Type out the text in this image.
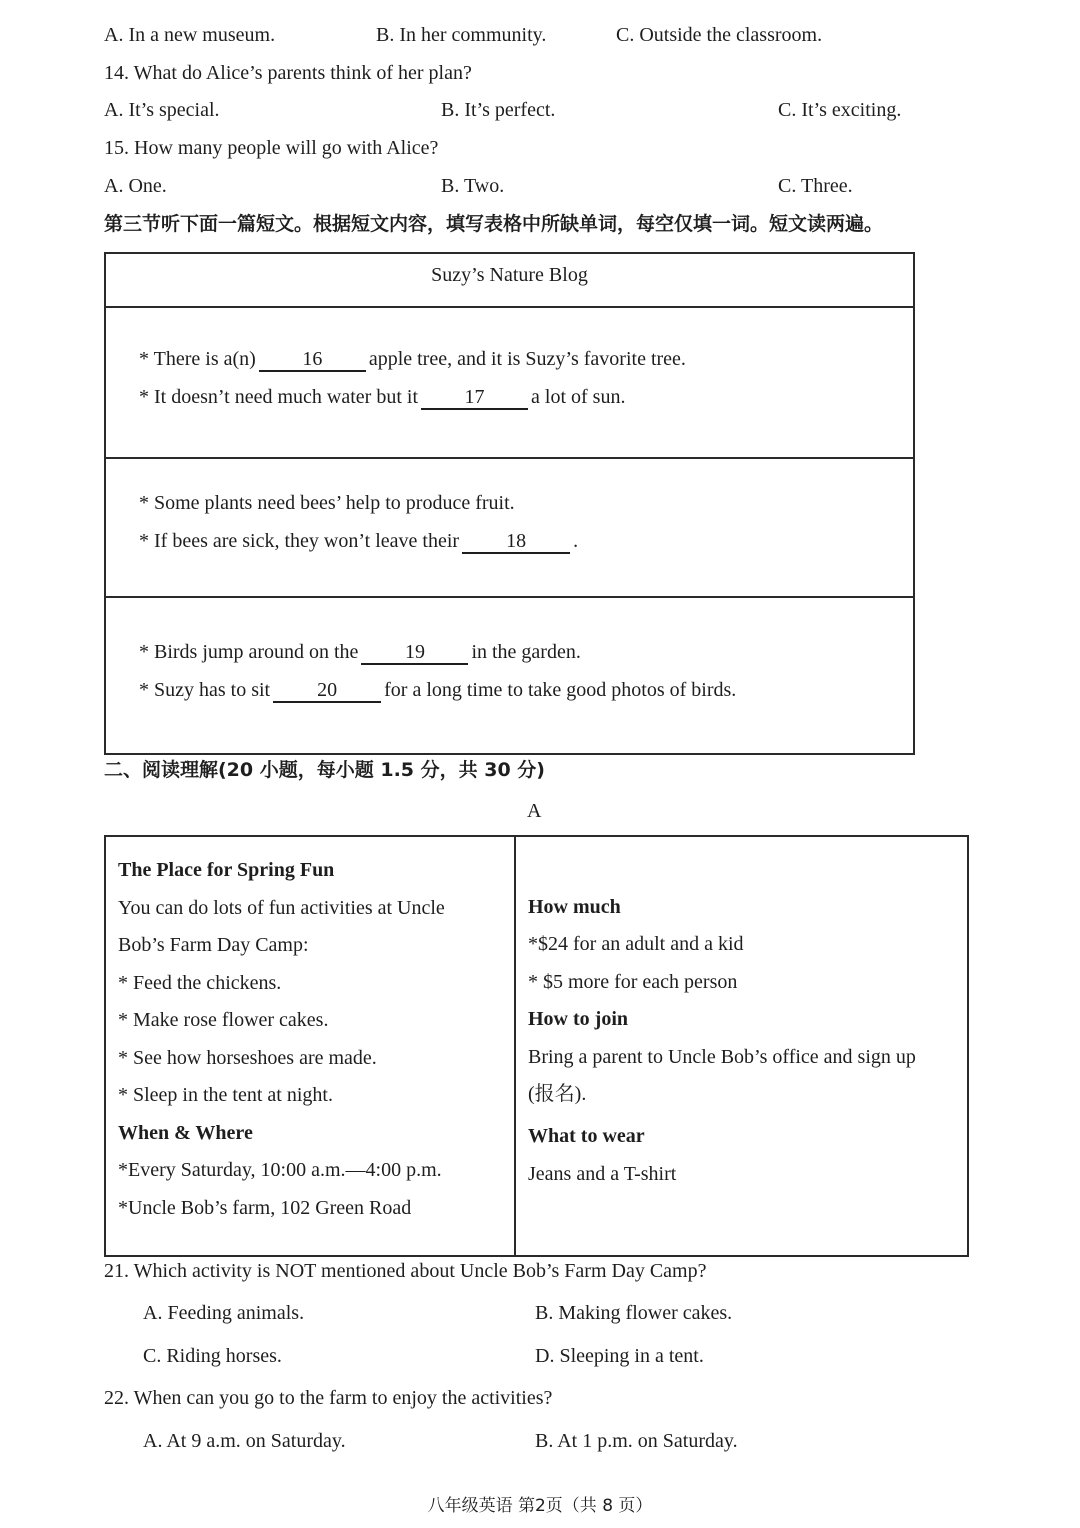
A. In a new museum.	B. In her community.	C. Outside the classroom.
14. What do Alice’s parents think of her plan?
A. It’s special.	B. It’s perfect.	C. It’s exciting.
15. How many people will go with Alice?
A. One.	B. Two.	C. Three.
第三节听下面一篇短文。根据短文内容，填写表格中所缺单词，每空仅填一词。短文读两遍。
Suzy’s Nature Blog
* There is a(n) 16 apple tree, and it is Suzy’s favorite tree.
* It doesn’t need much water but it 17 a lot of sun.
* Some plants need bees’ help to produce fruit.
* If bees are sick, they won’t leave their 18 .
* Birds jump around on the 19 in the garden.
* Suzy has to sit 20 for a long time to take good photos of birds.
二、阅读理解(20 小题，每小题 1.5 分，共 30 分)
A
The Place for Spring Fun
You can do lots of fun activities at Uncle
Bob’s Farm Day Camp:
* Feed the chickens.
* Make rose flower cakes.
* See how horseshoes are made.
* Sleep in the tent at night.
When & Where
*Every Saturday, 10:00 a.m.—4:00 p.m.
*Uncle Bob’s farm, 102 Green Road
How much
*$24 for an adult and a kid
* $5 more for each person
How to join
Bring a parent to Uncle Bob’s office and sign up
(报名).
What to wear
Jeans and a T-shirt
21. Which activity is NOT mentioned about Uncle Bob’s Farm Day Camp?
A. Feeding animals.	B. Making flower cakes.
C. Riding horses.	D. Sleeping in a tent.
22. When can you go to the farm to enjoy the activities?
A. At 9 a.m. on Saturday.	B. At 1 p.m. on Saturday.
八年级英语 第2页（共 8 页）
